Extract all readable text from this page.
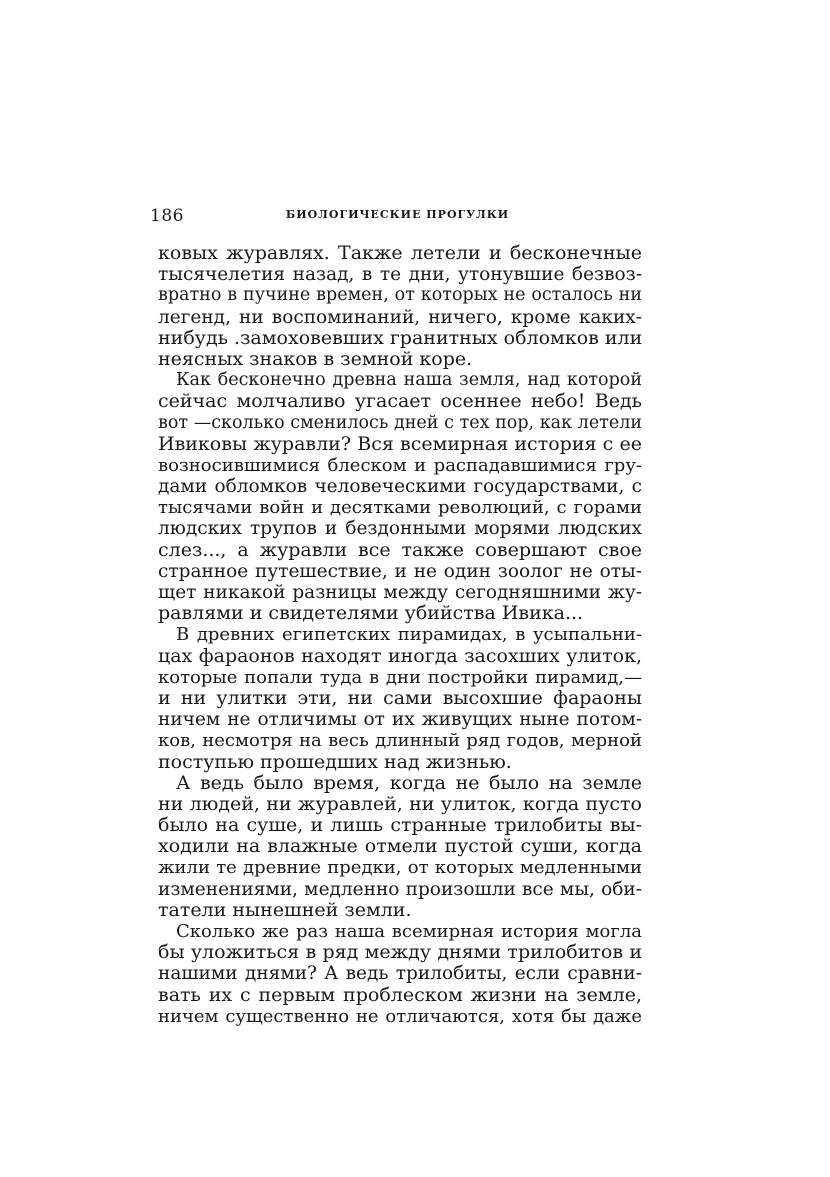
186	БИОЛОГИЧЕСКИЕ ПРОГУЛКИ
ковых журавлях. Также летели и бесконечные
тысячелетия назад, в те дни, утонувшие безвоз-
вратно в пучине времен, от которых не осталось ни
легенд, ни воспоминаний, ничего, кроме каких-
нибудь .замоховевших гранитных обломков или
неясных знаков в земной коре.
Как бесконечно древна наша земля, над которой
сейчас молчаливо угасает осеннее небо! Ведь
вот —сколько сменилось дней с тех пор, как летели
Ивиковы журавли? Вся всемирная история с ее
возносившимися блеском и распадавшимися гру-
дами обломков человеческими государствами, с
тысячами войн и десятками революций, с горами
людских трупов и бездонными морями людских
слез..., а журавли все также совершают свое
странное путешествие, и не один зоолог не оты-
щет никакой разницы между сегодняшними жу-
равлями и свидетелями убийства Ивика...
В древних египетских пирамидах, в усыпальни-
цах фараонов находят иногда засохших улиток,
которые попали туда в дни постройки пирамид,—
и ни улитки эти, ни сами высохшие фараоны
ничем не отличимы от их живущих ныне потом-
ков, несмотря на весь длинный ряд годов, мерной
поступью прошедших над жизнью.
А ведь было время, когда не было на земле
ни людей, ни журавлей, ни улиток, когда пусто
было на суше, и лишь странные трилобиты вы-
ходили на влажные отмели пустой суши, когда
жили те древние предки, от которых медленными
изменениями, медленно произошли все мы, оби-
татели нынешней земли.
Сколько же раз наша всемирная история могла
бы уложиться в ряд между днями трилобитов и
нашими днями? А ведь трилобиты, если сравни-
вать их с первым проблеском жизни на земле,
ничем существенно не отличаются, хотя бы даже
